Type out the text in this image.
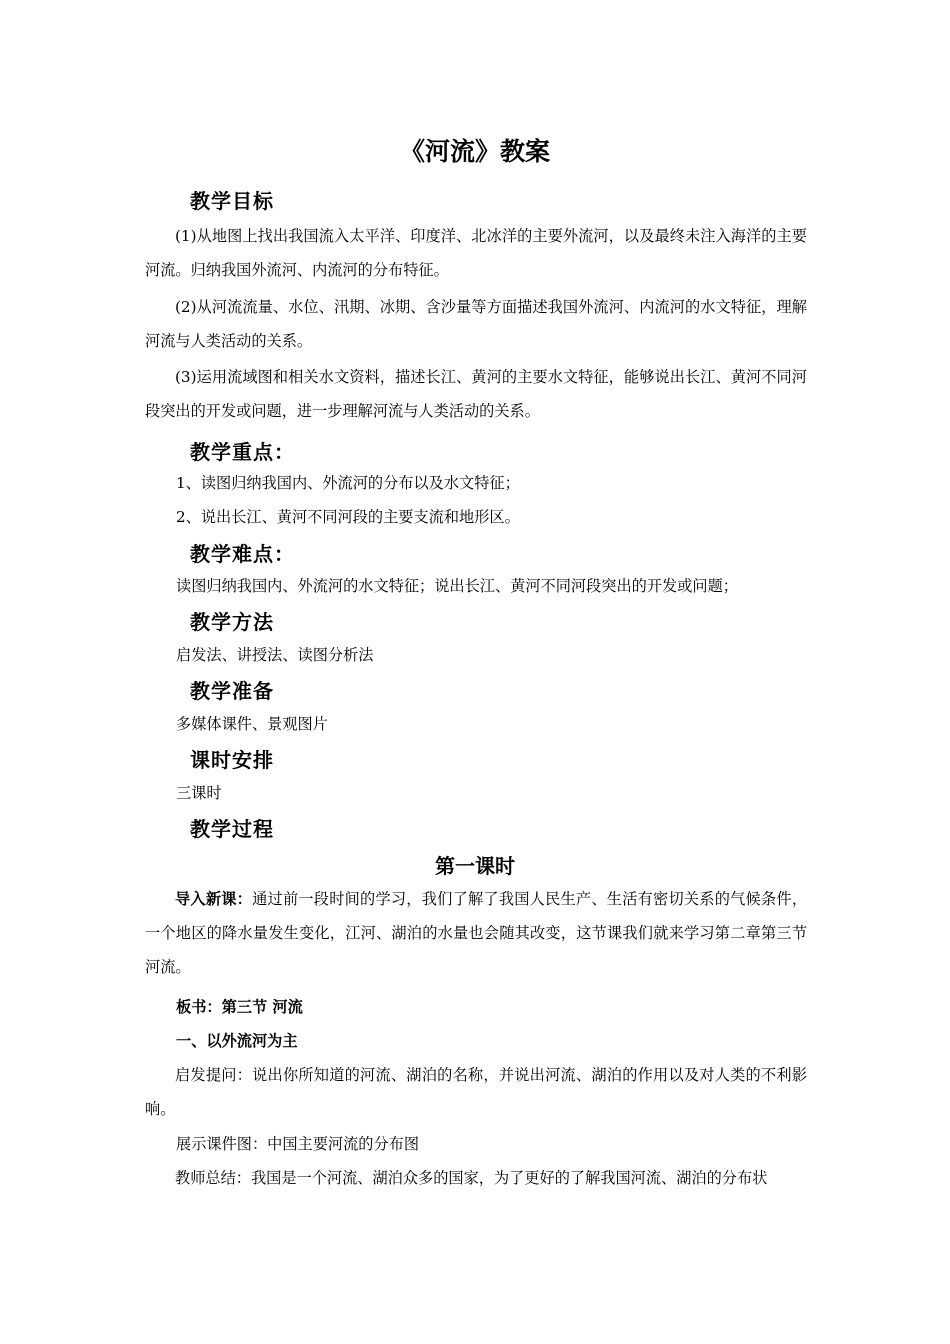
《河流》教案
教学目标
(1)从地图上找出我国流入太平洋、印度洋、北冰洋的主要外流河，以及最终未注入海洋的主要河流。归纳我国外流河、内流河的分布特征。
(2)从河流流量、水位、汛期、冰期、含沙量等方面描述我国外流河、内流河的水文特征，理解河流与人类活动的关系。
(3)运用流域图和相关水文资料，描述长江、黄河的主要水文特征，能够说出长江、黄河不同河段突出的开发或问题，进一步理解河流与人类活动的关系。
教学重点：
1、读图归纳我国内、外流河的分布以及水文特征；
2、说出长江、黄河不同河段的主要支流和地形区。
教学难点：
读图归纳我国内、外流河的水文特征；说出长江、黄河不同河段突出的开发或问题；
教学方法
启发法、讲授法、读图分析法
教学准备
多媒体课件、景观图片
课时安排
三课时
教学过程
第一课时
导入新课：通过前一段时间的学习，我们了解了我国人民生产、生活有密切关系的气候条件，一个地区的降水量发生变化，江河、湖泊的水量也会随其改变，这节课我们就来学习第二章第三节河流。
板书：第三节 河流
一、以外流河为主
启发提问：说出你所知道的河流、湖泊的名称，并说出河流、湖泊的作用以及对人类的不利影响。
展示课件图：中国主要河流的分布图
教师总结：我国是一个河流、湖泊众多的国家，为了更好的了解我国河流、湖泊的分布状
